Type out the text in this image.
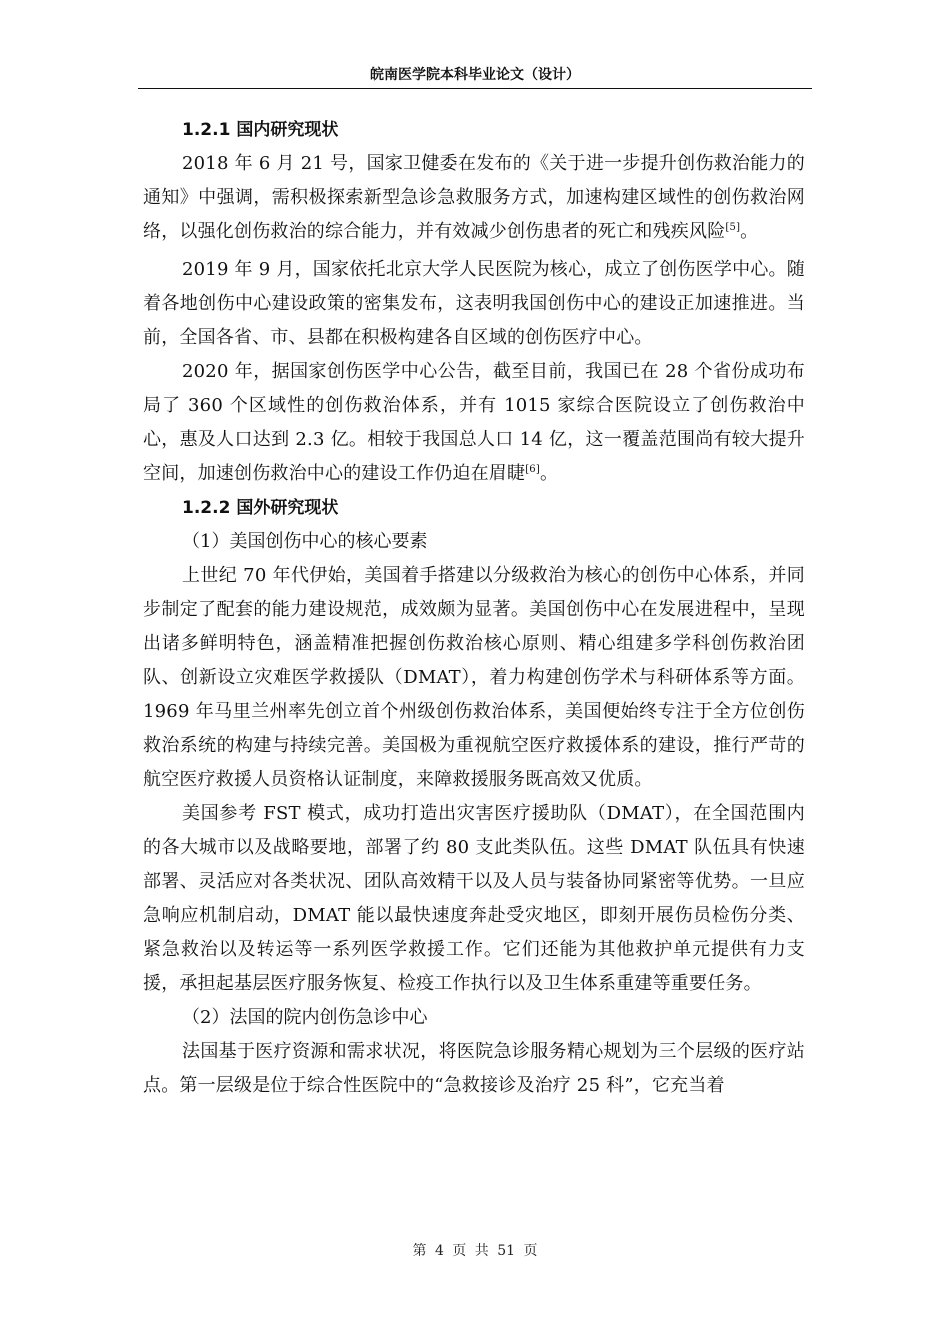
皖南医学院本科毕业论文（设计）
1.2.1 国内研究现状

2018 年 6 月 21 号，国家卫健委在发布的《关于进一步提升创伤救治能力的通知》中强调，需积极探索新型急诊急救服务方式，加速构建区域性的创伤救治网络，以强化创伤救治的综合能力，并有效减少创伤患者的死亡和残疾风险[5]。

2019 年 9 月，国家依托北京大学人民医院为核心，成立了创伤医学中心。随着各地创伤中心建设政策的密集发布，这表明我国创伤中心的建设正加速推进。当前，全国各省、市、县都在积极构建各自区域的创伤医疗中心。

2020 年，据国家创伤医学中心公告，截至目前，我国已在 28 个省份成功布局了 360 个区域性的创伤救治体系，并有 1015 家综合医院设立了创伤救治中心，惠及人口达到 2.3 亿。相较于我国总人口 14 亿，这一覆盖范围尚有较大提升空间，加速创伤救治中心的建设工作仍迫在眉睫[6]。

1.2.2 国外研究现状

（1）美国创伤中心的核心要素

上世纪 70 年代伊始，美国着手搭建以分级救治为核心的创伤中心体系，并同步制定了配套的能力建设规范，成效颇为显著。美国创伤中心在发展进程中，呈现出诸多鲜明特色，涵盖精准把握创伤救治核心原则、精心组建多学科创伤救治团队、创新设立灾难医学救援队（DMAT），着力构建创伤学术与科研体系等方面。1969 年马里兰州率先创立首个州级创伤救治体系，美国便始终专注于全方位创伤救治系统的构建与持续完善。美国极为重视航空医疗救援体系的建设，推行严苛的航空医疗救援人员资格认证制度，来障救援服务既高效又优质。

美国参考 FST 模式，成功打造出灾害医疗援助队（DMAT），在全国范围内的各大城市以及战略要地，部署了约 80 支此类队伍。这些 DMAT 队伍具有快速部署、灵活应对各类状况、团队高效精干以及人员与装备协同紧密等优势。一旦应急响应机制启动，DMAT 能以最快速度奔赴受灾地区，即刻开展伤员检伤分类、紧急救治以及转运等一系列医学救援工作。它们还能为其他救护单元提供有力支援，承担起基层医疗服务恢复、检疫工作执行以及卫生体系重建等重要任务。

（2）法国的院内创伤急诊中心

法国基于医疗资源和需求状况，将医院急诊服务精心规划为三个层级的医疗站点。第一层级是位于综合性医院中的“急救接诊及治疗 25 科”，它充当着

第 4 页 共 51 页
